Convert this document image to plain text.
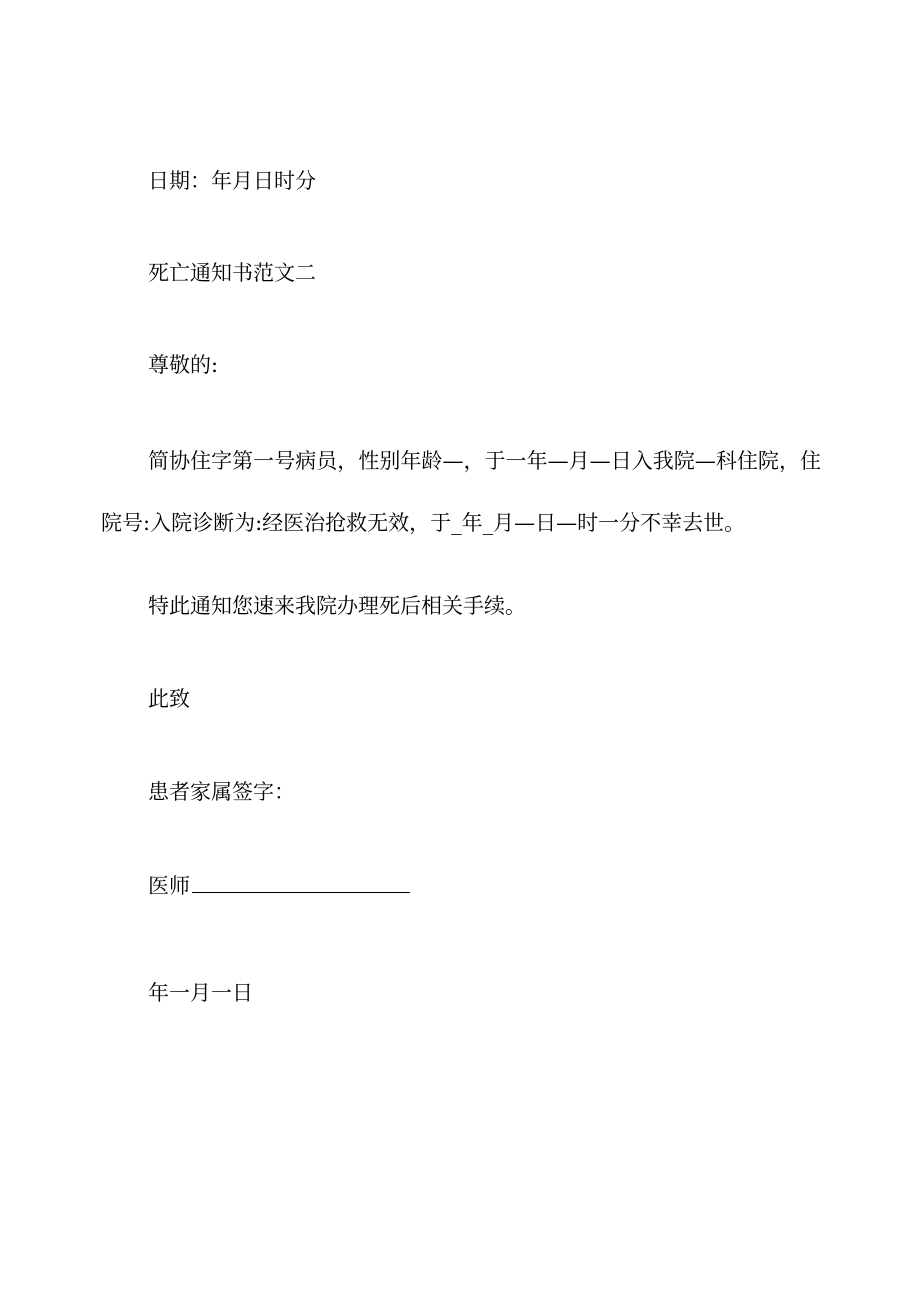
日期：年月日时分

死亡通知书范文二

尊敬的:

简协住字第一号病员，性别年龄—，于一年—月—日入我院—科住院，住院号:入院诊断为:经医治抢救无效，于_年_月—日—时一分不幸去世。

特此通知您速来我院办理死后相关手续。

此致

患者家属签字：

医师

年一月一日
